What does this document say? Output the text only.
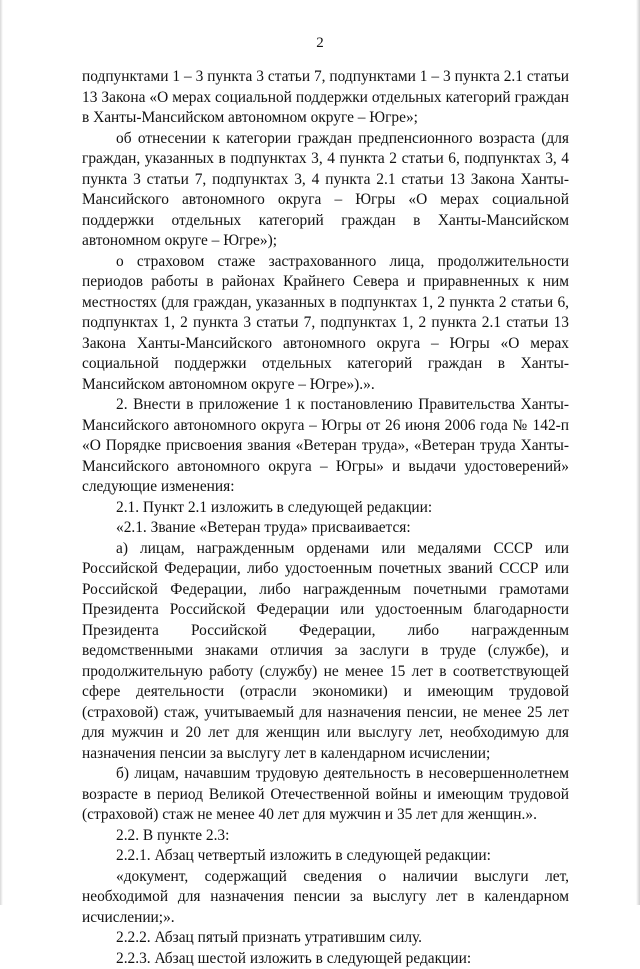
2

подпунктами 1 – 3 пункта 3 статьи 7, подпунктами 1 – 3 пункта 2.1 статьи 13 Закона «О мерах социальной поддержки отдельных категорий граждан в Ханты-Мансийском автономном округе – Югре»;

об отнесении к категории граждан предпенсионного возраста (для граждан, указанных в подпунктах 3, 4 пункта 2 статьи 6, подпунктах 3, 4 пункта 3 статьи 7, подпунктах 3, 4 пункта 2.1 статьи 13 Закона Ханты-Мансийского автономного округа – Югры «О мерах социальной поддержки отдельных категорий граждан в Ханты-Мансийском автономном округе – Югре»);

о страховом стаже застрахованного лица, продолжительности периодов работы в районах Крайнего Севера и приравненных к ним местностях (для граждан, указанных в подпунктах 1, 2 пункта 2 статьи 6, подпунктах 1, 2 пункта 3 статьи 7, подпунктах 1, 2 пункта 2.1 статьи 13 Закона Ханты-Мансийского автономного округа – Югры «О мерах социальной поддержки отдельных категорий граждан в Ханты-Мансийском автономном округе – Югре»).».

2. Внести в приложение 1 к постановлению Правительства Ханты-Мансийского автономного округа – Югры от 26 июня 2006 года № 142-п «О Порядке присвоения звания «Ветеран труда», «Ветеран труда Ханты-Мансийского автономного округа – Югры» и выдачи удостоверений» следующие изменения:

2.1. Пункт 2.1 изложить в следующей редакции:

«2.1. Звание «Ветеран труда» присваивается:

а) лицам, награжденным орденами или медалями СССР или Российской Федерации, либо удостоенным почетных званий СССР или Российской Федерации, либо награжденным почетными грамотами Президента Российской Федерации или удостоенным благодарности Президента Российской Федерации, либо награжденным ведомственными знаками отличия за заслуги в труде (службе), и продолжительную работу (службу) не менее 15 лет в соответствующей сфере деятельности (отрасли экономики) и имеющим трудовой (страховой) стаж, учитываемый для назначения пенсии, не менее 25 лет для мужчин и 20 лет для женщин или выслугу лет, необходимую для назначения пенсии за выслугу лет в календарном исчислении;

б) лицам, начавшим трудовую деятельность в несовершеннолетнем возрасте в период Великой Отечественной войны и имеющим трудовой (страховой) стаж не менее 40 лет для мужчин и 35 лет для женщин.».

2.2. В пункте 2.3:

2.2.1. Абзац четвертый изложить в следующей редакции:

«документ, содержащий сведения о наличии выслуги лет, необходимой для назначения пенсии за выслугу лет в календарном исчислении;».

2.2.2. Абзац пятый признать утратившим силу.

2.2.3. Абзац шестой изложить в следующей редакции:
